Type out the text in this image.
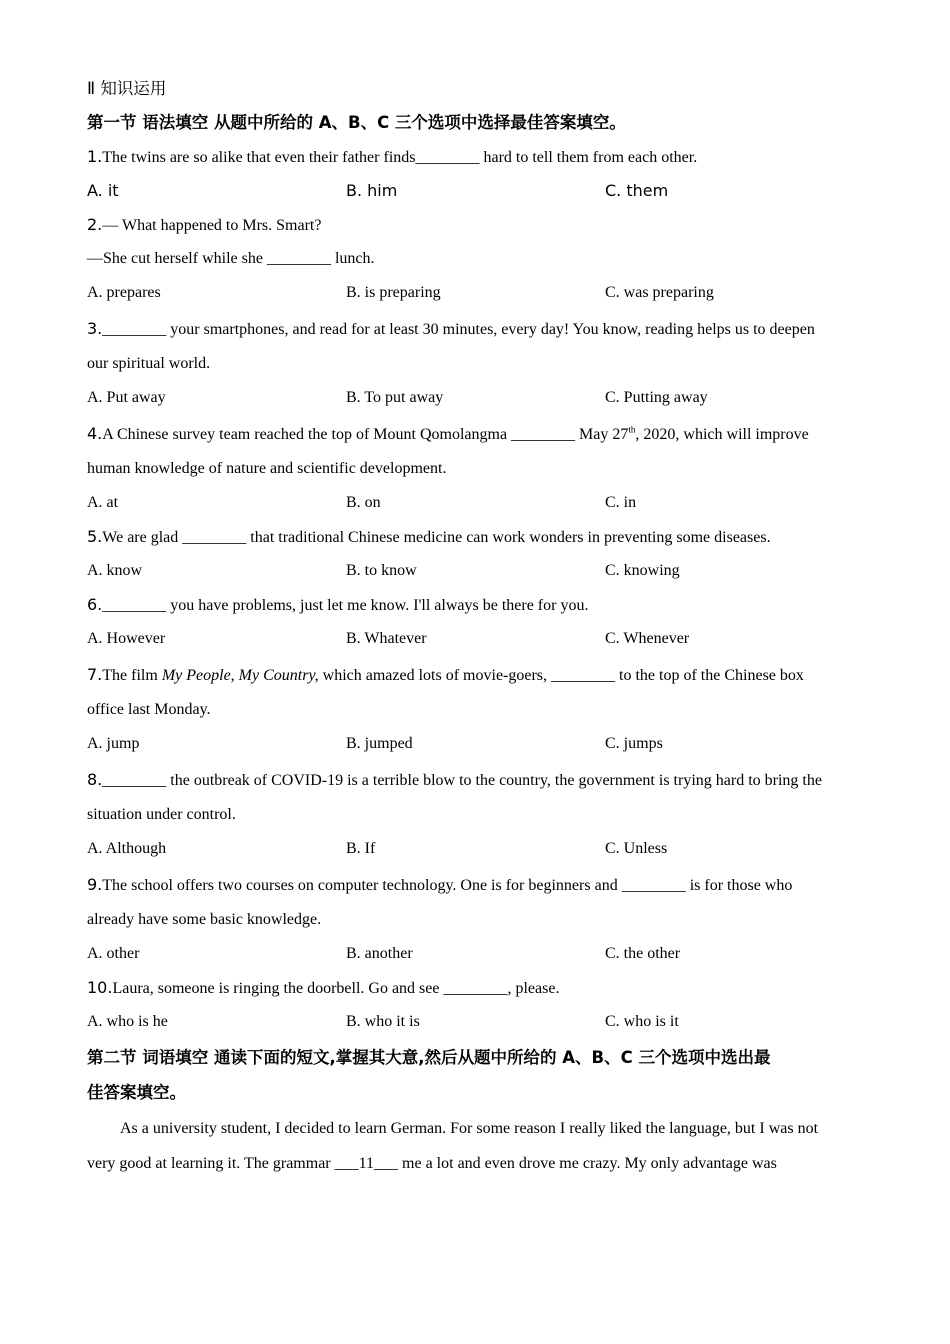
Ⅱ 知识运用
第一节 语法填空 从题中所给的 A、B、C 三个选项中选择最佳答案填空。
1.The twins are so alike that even their father finds________ hard to tell them from each other.
A. it	B. him	C. them
2.— What happened to Mrs. Smart?
—She cut herself while she ________ lunch.
A. prepares	B. is preparing	C. was preparing
3.________ your smartphones, and read for at least 30 minutes, every day! You know, reading helps us to deepen
our spiritual world.
A. Put away	B. To put away	C. Putting away
4.A Chinese survey team reached the top of Mount Qomolangma ________ May 27th, 2020, which will improve
human knowledge of nature and scientific development.
A. at	B. on	C. in
5.We are glad ________ that traditional Chinese medicine can work wonders in preventing some diseases.
A. know	B. to know	C. knowing
6.________ you have problems, just let me know. I'll always be there for you.
A. However	B. Whatever	C. Whenever
7.The film My People, My Country, which amazed lots of movie-goers, ________ to the top of the Chinese box
office last Monday.
A. jump	B. jumped	C. jumps
8.________ the outbreak of COVID-19 is a terrible blow to the country, the government is trying hard to bring the
situation under control.
A. Although	B. If	C. Unless
9.The school offers two courses on computer technology. One is for beginners and ________ is for those who
already have some basic knowledge.
A. other	B. another	C. the other
10.Laura, someone is ringing the doorbell. Go and see ________, please.
A. who is he	B. who it is	C. who is it
第二节 词语填空 通读下面的短文,掌握其大意,然后从题中所给的 A、B、C 三个选项中选出最
佳答案填空。
As a university student, I decided to learn German. For some reason I really liked the language, but I was not
very good at learning it. The grammar ___11___ me a lot and even drove me crazy. My only advantage was
